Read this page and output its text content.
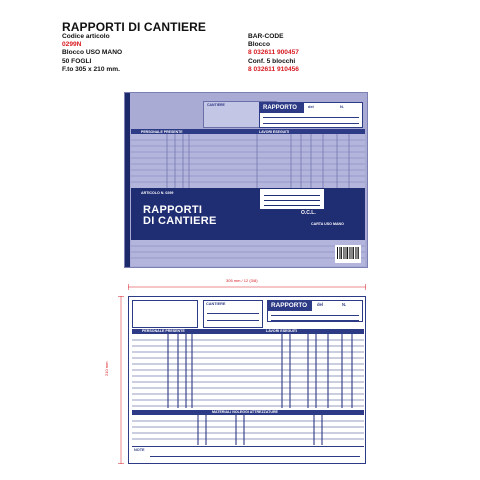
RAPPORTI DI CANTIERE
Codice articolo
0299N
Blocco USO MANO
50 FOGLI
F.to 305 x 210 mm.
BAR-CODE
Blocco
8 032611 900457
Conf. 5 blocchi
8 032611 910456
CANTIERE	RAPPORTO	del	N.
PERSONALE PRESENTE	LAVORI ESEGUITI
ARTICOLO N. 0299
RAPPORTI
DI CANTIERE
O.C.L.
CARTA USO MANO
305 mm / 12 (3/8)
210 mm
CANTIERE	RAPPORTO	del	N.
PERSONALE PRESENTE	LAVORI ESEGUITI
MATERIALI NOLEGGI ATTREZZATURE
NOTE
